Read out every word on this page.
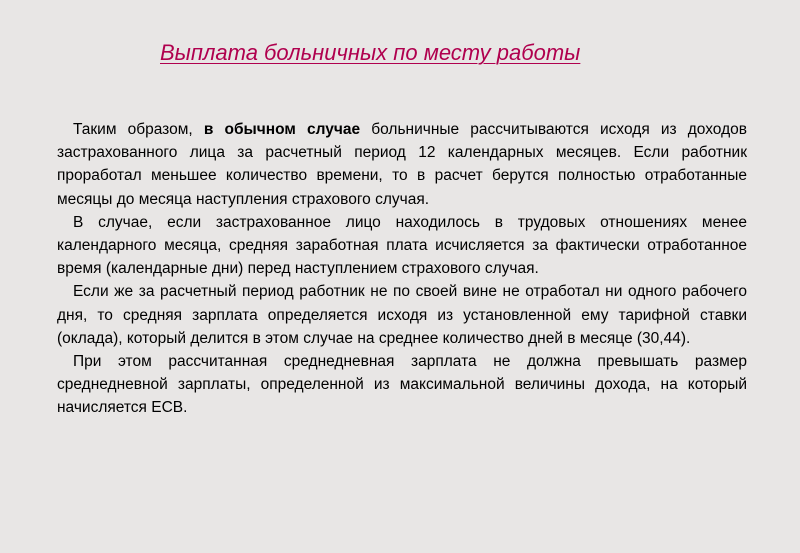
Выплата больничных по месту работы

Таким образом, в обычном случае больничные рассчитываются исходя из доходов застрахованного лица за расчетный период 12 календарных месяцев. Если работник проработал меньшее количество времени, то в расчет берутся полностью отработанные месяцы до месяца наступления страхового случая.

В случае, если застрахованное лицо находилось в трудовых отношениях менее календарного месяца, средняя заработная плата исчисляется за фактически отработанное время (календарные дни) перед наступлением страхового случая.

Если же за расчетный период работник не по своей вине не отработал ни одного рабочего дня, то средняя зарплата определяется исходя из установленной ему тарифной ставки (оклада), который делится в этом случае на среднее количество дней в месяце (30,44).

При этом рассчитанная среднедневная зарплата не должна превышать размер среднедневной зарплаты, определенной из максимальной величины дохода, на который начисляется ЕСВ.
